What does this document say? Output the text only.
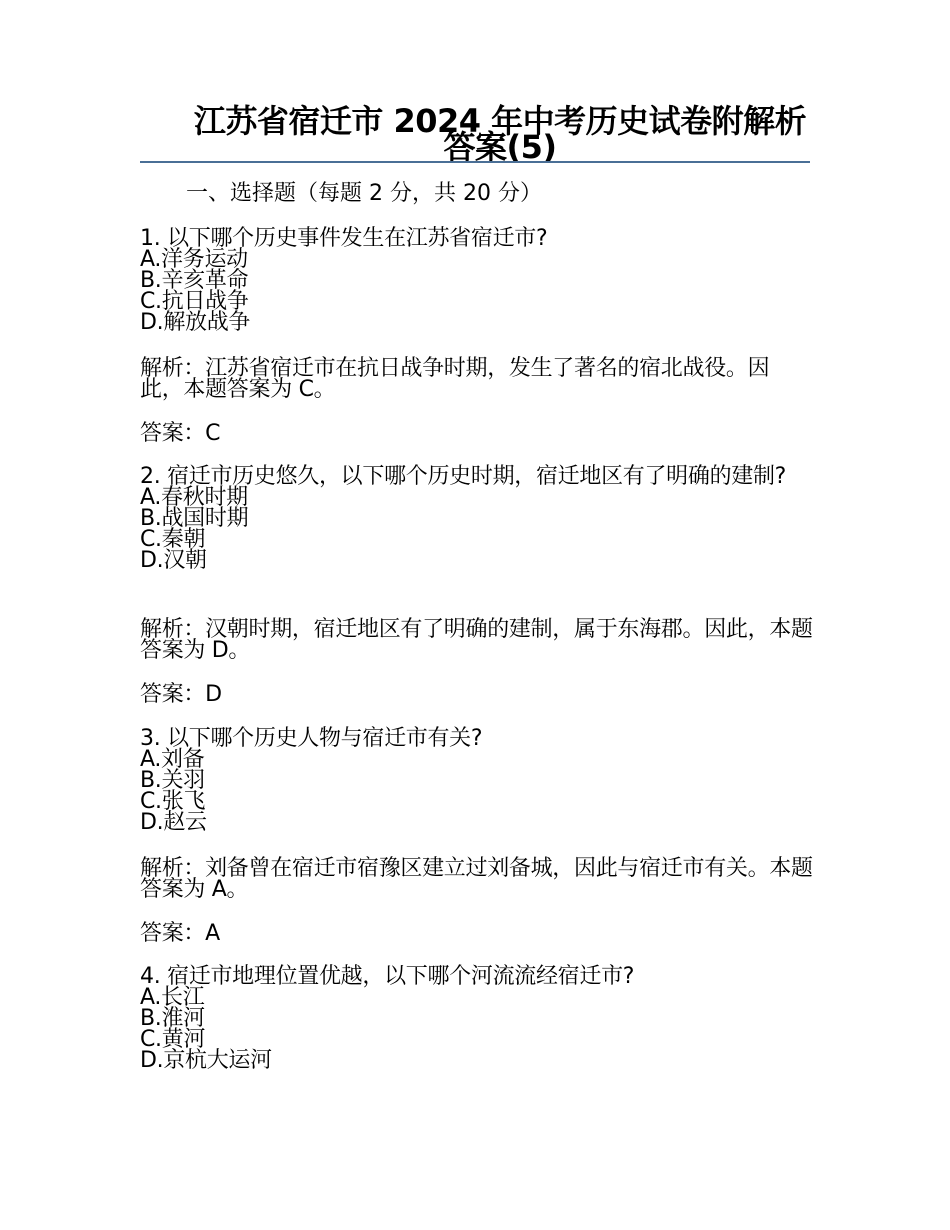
江苏省宿迁市 2024 年中考历史试卷附解析答案(5)
一、选择题（每题 2 分，共 20 分）
1. 以下哪个历史事件发生在江苏省宿迁市?
A.洋务运动
B.辛亥革命
C.抗日战争
D.解放战争
解析：江苏省宿迁市在抗日战争时期，发生了著名的宿北战役。因此，本题答案为 C。
答案：C
2. 宿迁市历史悠久，以下哪个历史时期，宿迁地区有了明确的建制?
A.春秋时期
B.战国时期
C.秦朝
D.汉朝
解析：汉朝时期，宿迁地区有了明确的建制，属于东海郡。因此，本题答案为 D。
答案：D
3. 以下哪个历史人物与宿迁市有关?
A.刘备
B.关羽
C.张飞
D.赵云
解析：刘备曾在宿迁市宿豫区建立过刘备城，因此与宿迁市有关。本题答案为 A。
答案：A
4. 宿迁市地理位置优越，以下哪个河流流经宿迁市?
A.长江
B.淮河
C.黄河
D.京杭大运河
